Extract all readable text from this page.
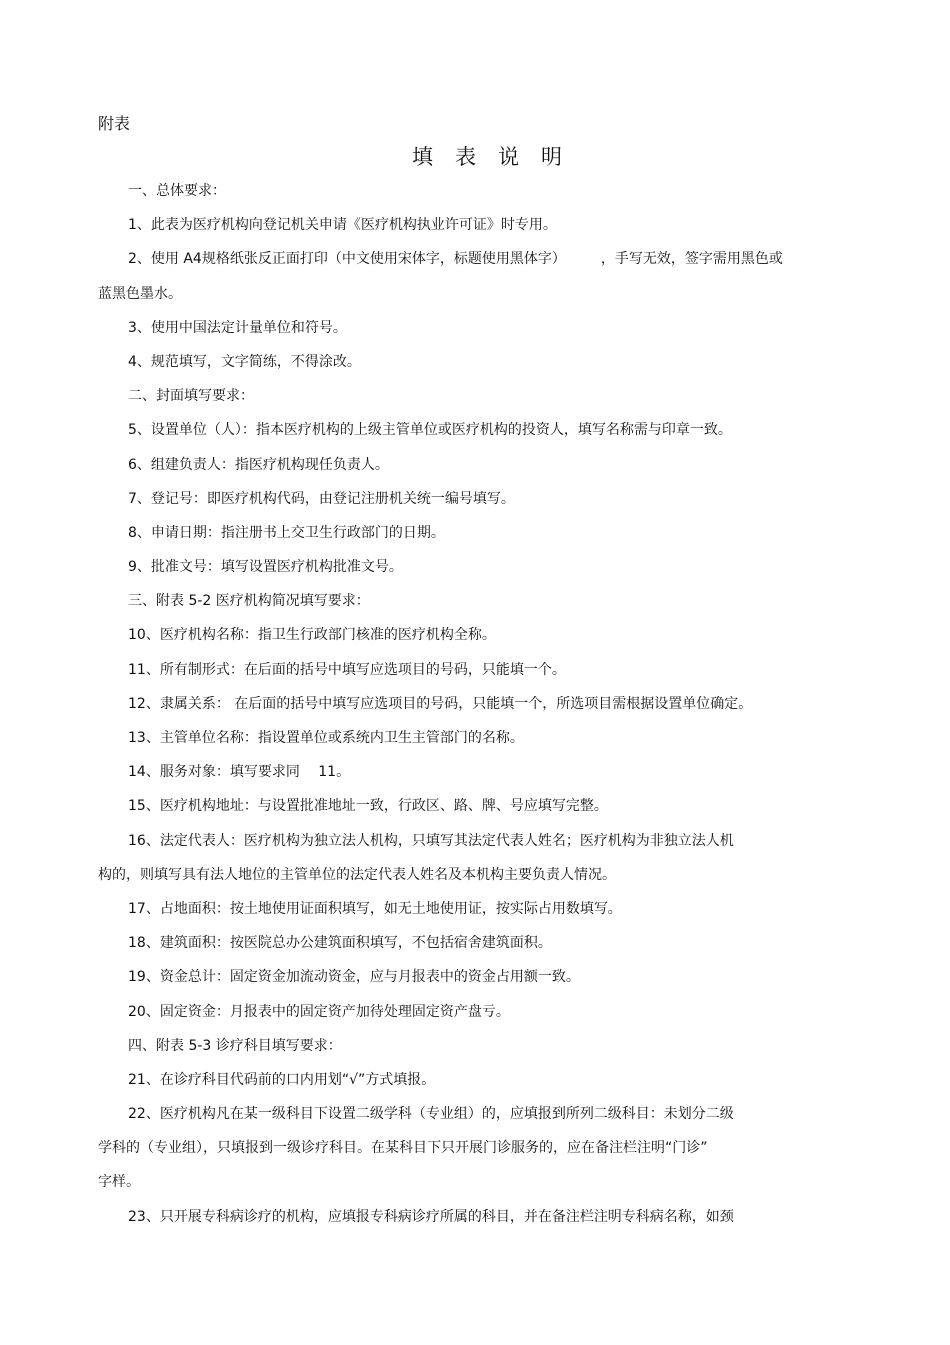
附表
填表说明
一、总体要求：
1、此表为医疗机构向登记机关申请《医疗机构执业许可证》时专用。
2、使用 A4规格纸张反正面打印（中文使用宋体字，标题使用黑体字）　　　，手写无效，签字需用黑色或
蓝黑色墨水。
3、使用中国法定计量单位和符号。
4、规范填写，文字简练，不得涂改。
二、封面填写要求：
5、设置单位（人）：指本医疗机构的上级主管单位或医疗机构的投资人，填写名称需与印章一致。
6、组建负责人：指医疗机构现任负责人。
7、登记号：即医疗机构代码，由登记注册机关统一编号填写。
8、申请日期：指注册书上交卫生行政部门的日期。
9、批准文号：填写设置医疗机构批准文号。
三、附表 5-2 医疗机构简况填写要求：
10、医疗机构名称：指卫生行政部门核准的医疗机构全称。
11、所有制形式：在后面的括号中填写应选项目的号码，只能填一个。
12、隶属关系： 在后面的括号中填写应选项目的号码，只能填一个，所选项目需根据设置单位确定。
13、主管单位名称：指设置单位或系统内卫生主管部门的名称。
14、服务对象：填写要求同　 11。
15、医疗机构地址：与设置批准地址一致，行政区、路、牌、号应填写完整。
16、法定代表人：医疗机构为独立法人机构，只填写其法定代表人姓名；医疗机构为非独立法人机
构的，则填写具有法人地位的主管单位的法定代表人姓名及本机构主要负责人情况。
17、占地面积：按土地使用证面积填写，如无土地使用证，按实际占用数填写。
18、建筑面积：按医院总办公建筑面积填写，不包括宿舍建筑面积。
19、资金总计：固定资金加流动资金，应与月报表中的资金占用额一致。
20、固定资金：月报表中的固定资产加待处理固定资产盘亏。
四、附表 5-3 诊疗科目填写要求：
21、在诊疗科目代码前的口内用划“√”方式填报。
22、医疗机构凡在某一级科目下设置二级学科（专业组）的，应填报到所列二级科目：未划分二级
学科的（专业组），只填报到一级诊疗科目。在某科目下只开展门诊服务的，应在备注栏注明“门诊”
字样。
23、只开展专科病诊疗的机构，应填报专科病诊疗所属的科目，并在备注栏注明专科病名称，如颈
